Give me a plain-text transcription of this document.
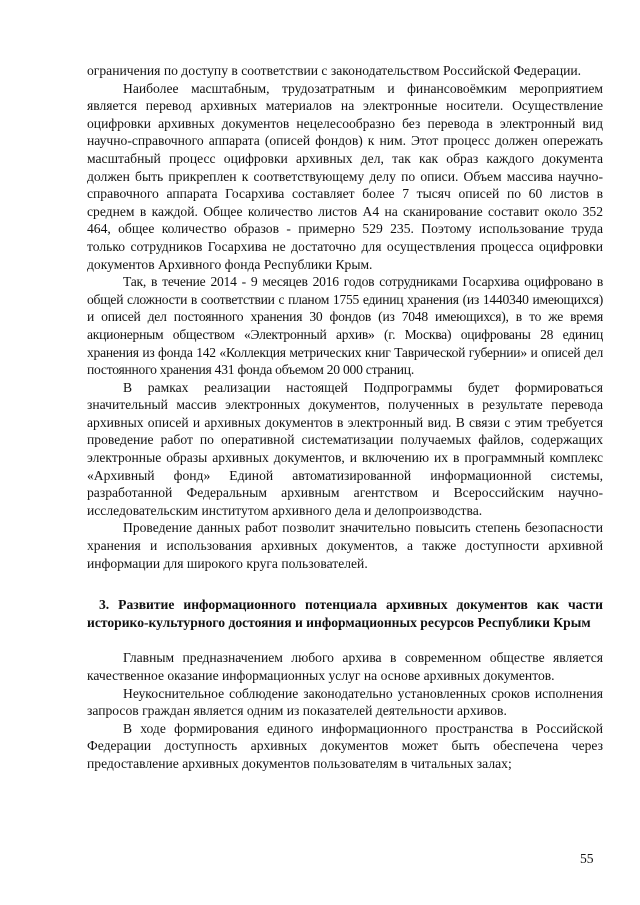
ограничения по доступу в соответствии с законодательством Российской Федерации.

Наиболее масштабным, трудозатратным и финансовоёмким мероприятием является перевод архивных материалов на электронные носители. Осуществление оцифровки архивных документов нецелесообразно без перевода в электронный вид научно-справочного аппарата (описей фондов) к ним. Этот процесс должен опережать масштабный процесс оцифровки архивных дел, так как образ каждого документа должен быть прикреплен к соответствующему делу по описи. Объем массива научно-справочного аппарата Госархива составляет более 7 тысяч описей по 60 листов в среднем в каждой. Общее количество листов А4 на сканирование составит около 352 464, общее количество образов - примерно 529 235. Поэтому использование труда только сотрудников Госархива не достаточно для осуществления процесса оцифровки документов Архивного фонда Республики Крым.

Так, в течение 2014 - 9 месяцев 2016 годов сотрудниками Госархива оцифровано в общей сложности в соответствии с планом 1755 единиц хранения (из 1440340 имеющихся) и описей дел постоянного хранения 30 фондов (из 7048 имеющихся), в то же время акционерным обществом «Электронный архив» (г. Москва) оцифрованы 28 единиц хранения из фонда 142 «Коллекция метрических книг Таврической губернии» и описей дел постоянного хранения 431 фонда объемом 20 000 страниц.

В рамках реализации настоящей Подпрограммы будет формироваться значительный массив электронных документов, полученных в результате перевода архивных описей и архивных документов в электронный вид. В связи с этим требуется проведение работ по оперативной систематизации получаемых файлов, содержащих электронные образы архивных документов, и включению их в программный комплекс «Архивный фонд» Единой автоматизированной информационной системы, разработанной Федеральным архивным агентством и Всероссийским научно-исследовательским институтом архивного дела и делопроизводства.

Проведение данных работ позволит значительно повысить степень безопасности хранения и использования архивных документов, а также доступности архивной информации для широкого круга пользователей.

3. Развитие информационного потенциала архивных документов как части историко-культурного достояния и информационных ресурсов Республики Крым

Главным предназначением любого архива в современном обществе является качественное оказание информационных услуг на основе архивных документов.

Неукоснительное соблюдение законодательно установленных сроков исполнения запросов граждан является одним из показателей деятельности архивов.

В ходе формирования единого информационного пространства в Российской Федерации доступность архивных документов может быть обеспечена через предоставление архивных документов пользователям в читальных залах;

55
